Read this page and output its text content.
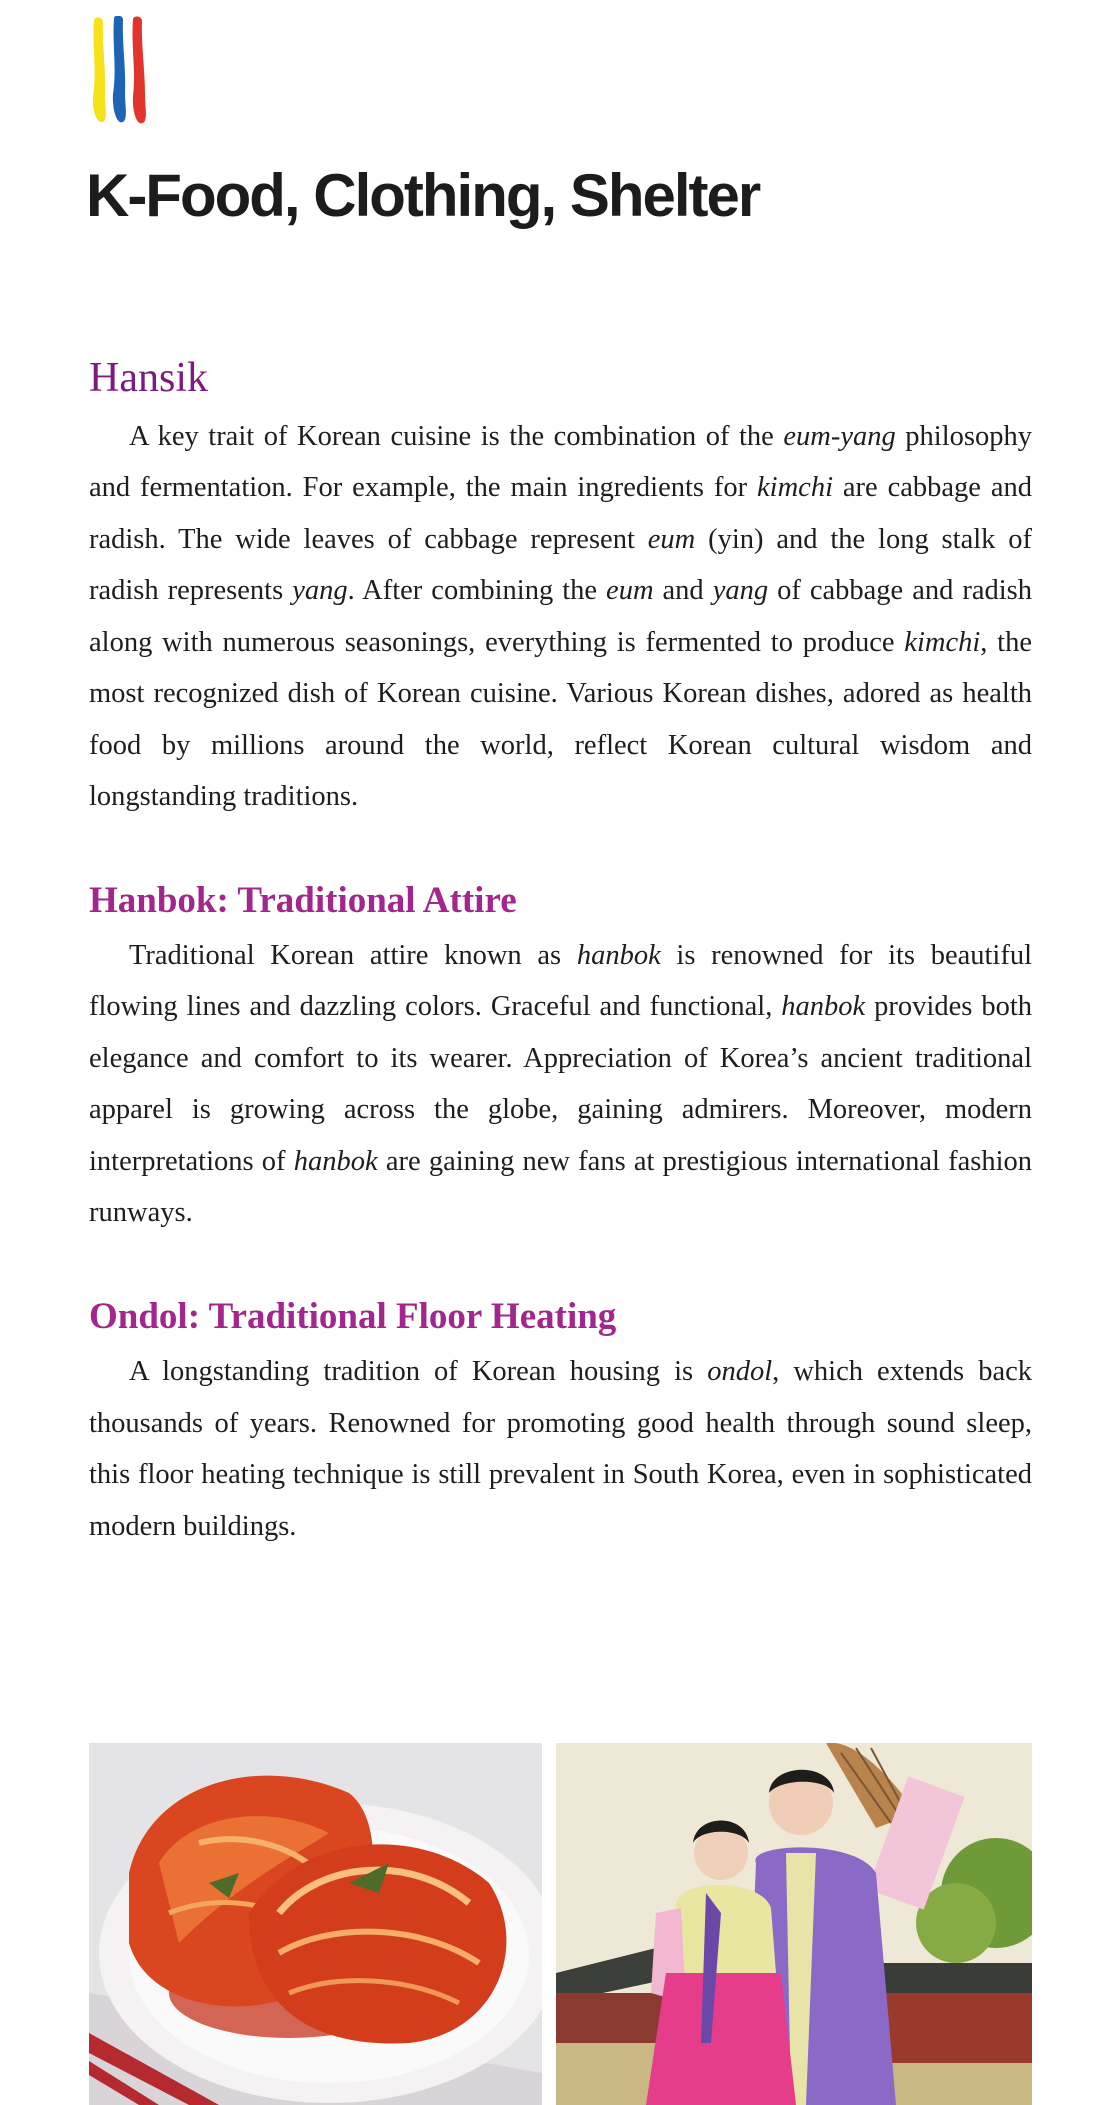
K-Food, Clothing, Shelter
Hansik

A key trait of Korean cuisine is the combination of the eum-yang philosophy and fermentation. For example, the main ingredients for kimchi are cabbage and radish. The wide leaves of cabbage represent eum (yin) and the long stalk of radish represents yang. After combining the eum and yang of cabbage and radish along with numerous seasonings, everything is fermented to produce kimchi, the most recognized dish of Korean cuisine. Various Korean dishes, adored as health food by millions around the world, reflect Korean cultural wisdom and longstanding traditions.

Hanbok: Traditional Attire

Traditional Korean attire known as hanbok is renowned for its beautiful flowing lines and dazzling colors. Graceful and functional, hanbok provides both elegance and comfort to its wearer. Appreciation of Korea’s ancient traditional apparel is growing across the globe, gaining admirers. Moreover, modern interpretations of hanbok are gaining new fans at prestigious international fashion runways.

Ondol: Traditional Floor Heating

A longstanding tradition of Korean housing is ondol, which extends back thousands of years. Renowned for promoting good health through sound sleep, this floor heating technique is still prevalent in South Korea, even in sophisticated modern buildings.
